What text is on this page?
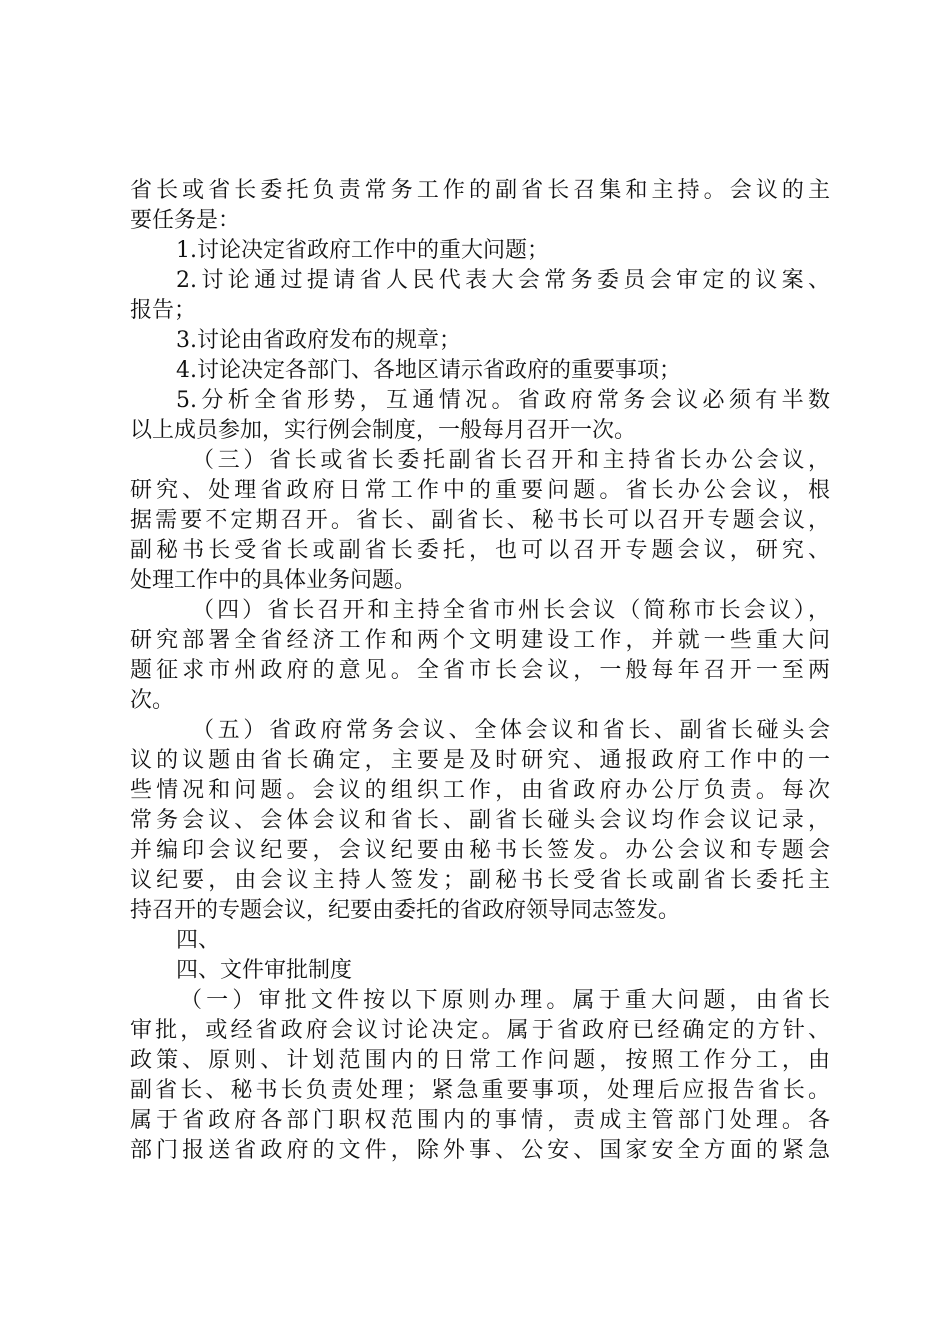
省长或省长委托负责常务工作的副省长召集和主持。会议的主
要任务是：
1.讨论决定省政府工作中的重大问题；
2.讨论通过提请省人民代表大会常务委员会审定的议案、
报告；
3.讨论由省政府发布的规章；
4.讨论决定各部门、各地区请示省政府的重要事项；
5.分析全省形势，互通情况。省政府常务会议必须有半数
以上成员参加，实行例会制度，一般每月召开一次。
（三）省长或省长委托副省长召开和主持省长办公会议，
研究、处理省政府日常工作中的重要问题。省长办公会议，根
据需要不定期召开。省长、副省长、秘书长可以召开专题会议，
副秘书长受省长或副省长委托，也可以召开专题会议，研究、
处理工作中的具体业务问题。
（四）省长召开和主持全省市州长会议（简称市长会议），
研究部署全省经济工作和两个文明建设工作，并就一些重大问
题征求市州政府的意见。全省市长会议，一般每年召开一至两
次。
（五）省政府常务会议、全体会议和省长、副省长碰头会
议的议题由省长确定，主要是及时研究、通报政府工作中的一
些情况和问题。会议的组织工作，由省政府办公厅负责。每次
常务会议、会体会议和省长、副省长碰头会议均作会议记录，
并编印会议纪要，会议纪要由秘书长签发。办公会议和专题会
议纪要，由会议主持人签发；副秘书长受省长或副省长委托主
持召开的专题会议，纪要由委托的省政府领导同志签发。
四、
四、文件审批制度
（一）审批文件按以下原则办理。属于重大问题，由省长
审批，或经省政府会议讨论决定。属于省政府已经确定的方针、
政策、原则、计划范围内的日常工作问题，按照工作分工，由
副省长、秘书长负责处理；紧急重要事项，处理后应报告省长。
属于省政府各部门职权范围内的事情，责成主管部门处理。各
部门报送省政府的文件，除外事、公安、国家安全方面的紧急
